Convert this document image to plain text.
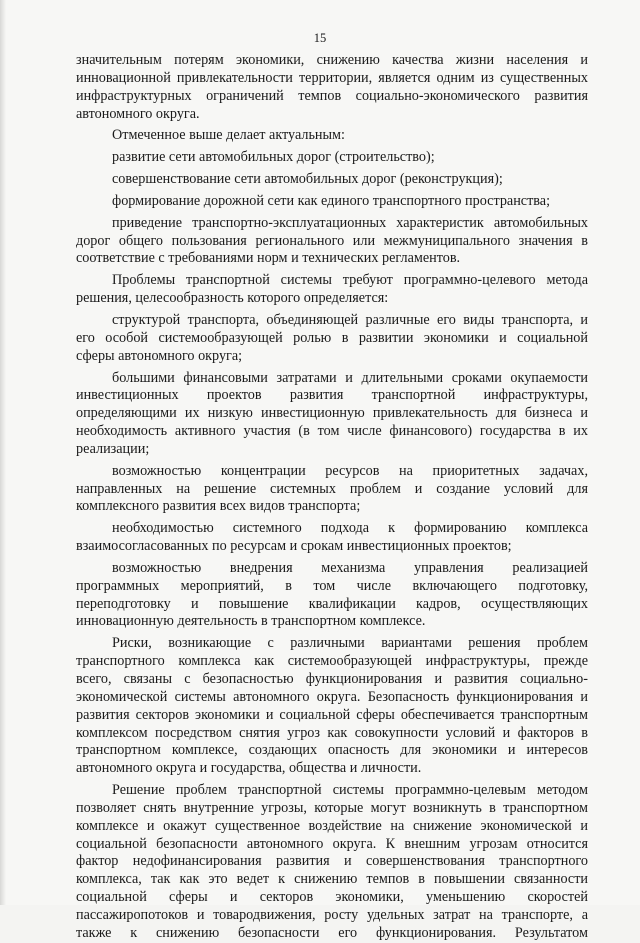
15
значительным потерям экономики, снижению качества жизни населения и
инновационной привлекательности территории, является одним из существенных
инфраструктурных ограничений темпов социально-экономического развития
автономного округа.
Отмеченное выше делает актуальным:
развитие сети автомобильных дорог (строительство);
совершенствование сети автомобильных дорог (реконструкция);
формирование дорожной сети как единого транспортного пространства;
приведение транспортно-эксплуатационных характеристик автомобильных
дорог общего пользования регионального или межмуниципального значения в
соответствие с требованиями норм и технических регламентов.
Проблемы транспортной системы требуют программно-целевого метода
решения, целесообразность которого определяется:
структурой транспорта, объединяющей различные его виды транспорта, и
его особой системообразующей ролью в развитии экономики и социальной
сферы автономного округа;
большими финансовыми затратами и длительными сроками окупаемости
инвестиционных проектов развития транспортной инфраструктуры,
определяющими их низкую инвестиционную привлекательность для бизнеса и
необходимость активного участия (в том числе финансового) государства в их
реализации;
возможностью концентрации ресурсов на приоритетных задачах,
направленных на решение системных проблем и создание условий для
комплексного развития всех видов транспорта;
необходимостью системного подхода к формированию комплекса
взаимосогласованных по ресурсам и срокам инвестиционных проектов;
возможностью внедрения механизма управления реализацией
программных мероприятий, в том числе включающего подготовку,
переподготовку и повышение квалификации кадров, осуществляющих
инновационную деятельность в транспортном комплексе.
Риски, возникающие с различными вариантами решения проблем
транспортного комплекса как системообразующей инфраструктуры, прежде
всего, связаны с безопасностью функционирования и развития социально-
экономической системы автономного округа. Безопасность функционирования и
развития секторов экономики и социальной сферы обеспечивается транспортным
комплексом посредством снятия угроз как совокупности условий и факторов в
транспортном комплексе, создающих опасность для экономики и интересов
автономного округа и государства, общества и личности.
Решение проблем транспортной системы программно-целевым методом
позволяет снять внутренние угрозы, которые могут возникнуть в транспортном
комплексе и окажут существенное воздействие на снижение экономической и
социальной безопасности автономного округа. К внешним угрозам относится
фактор недофинансирования развития и совершенствования транспортного
комплекса, так как это ведет к снижению темпов в повышении связанности
социальной сферы и секторов экономики, уменьшению скоростей
пассажиропотоков и товародвижения, росту удельных затрат на транспорте, а
также к снижению безопасности его функционирования. Результатом
